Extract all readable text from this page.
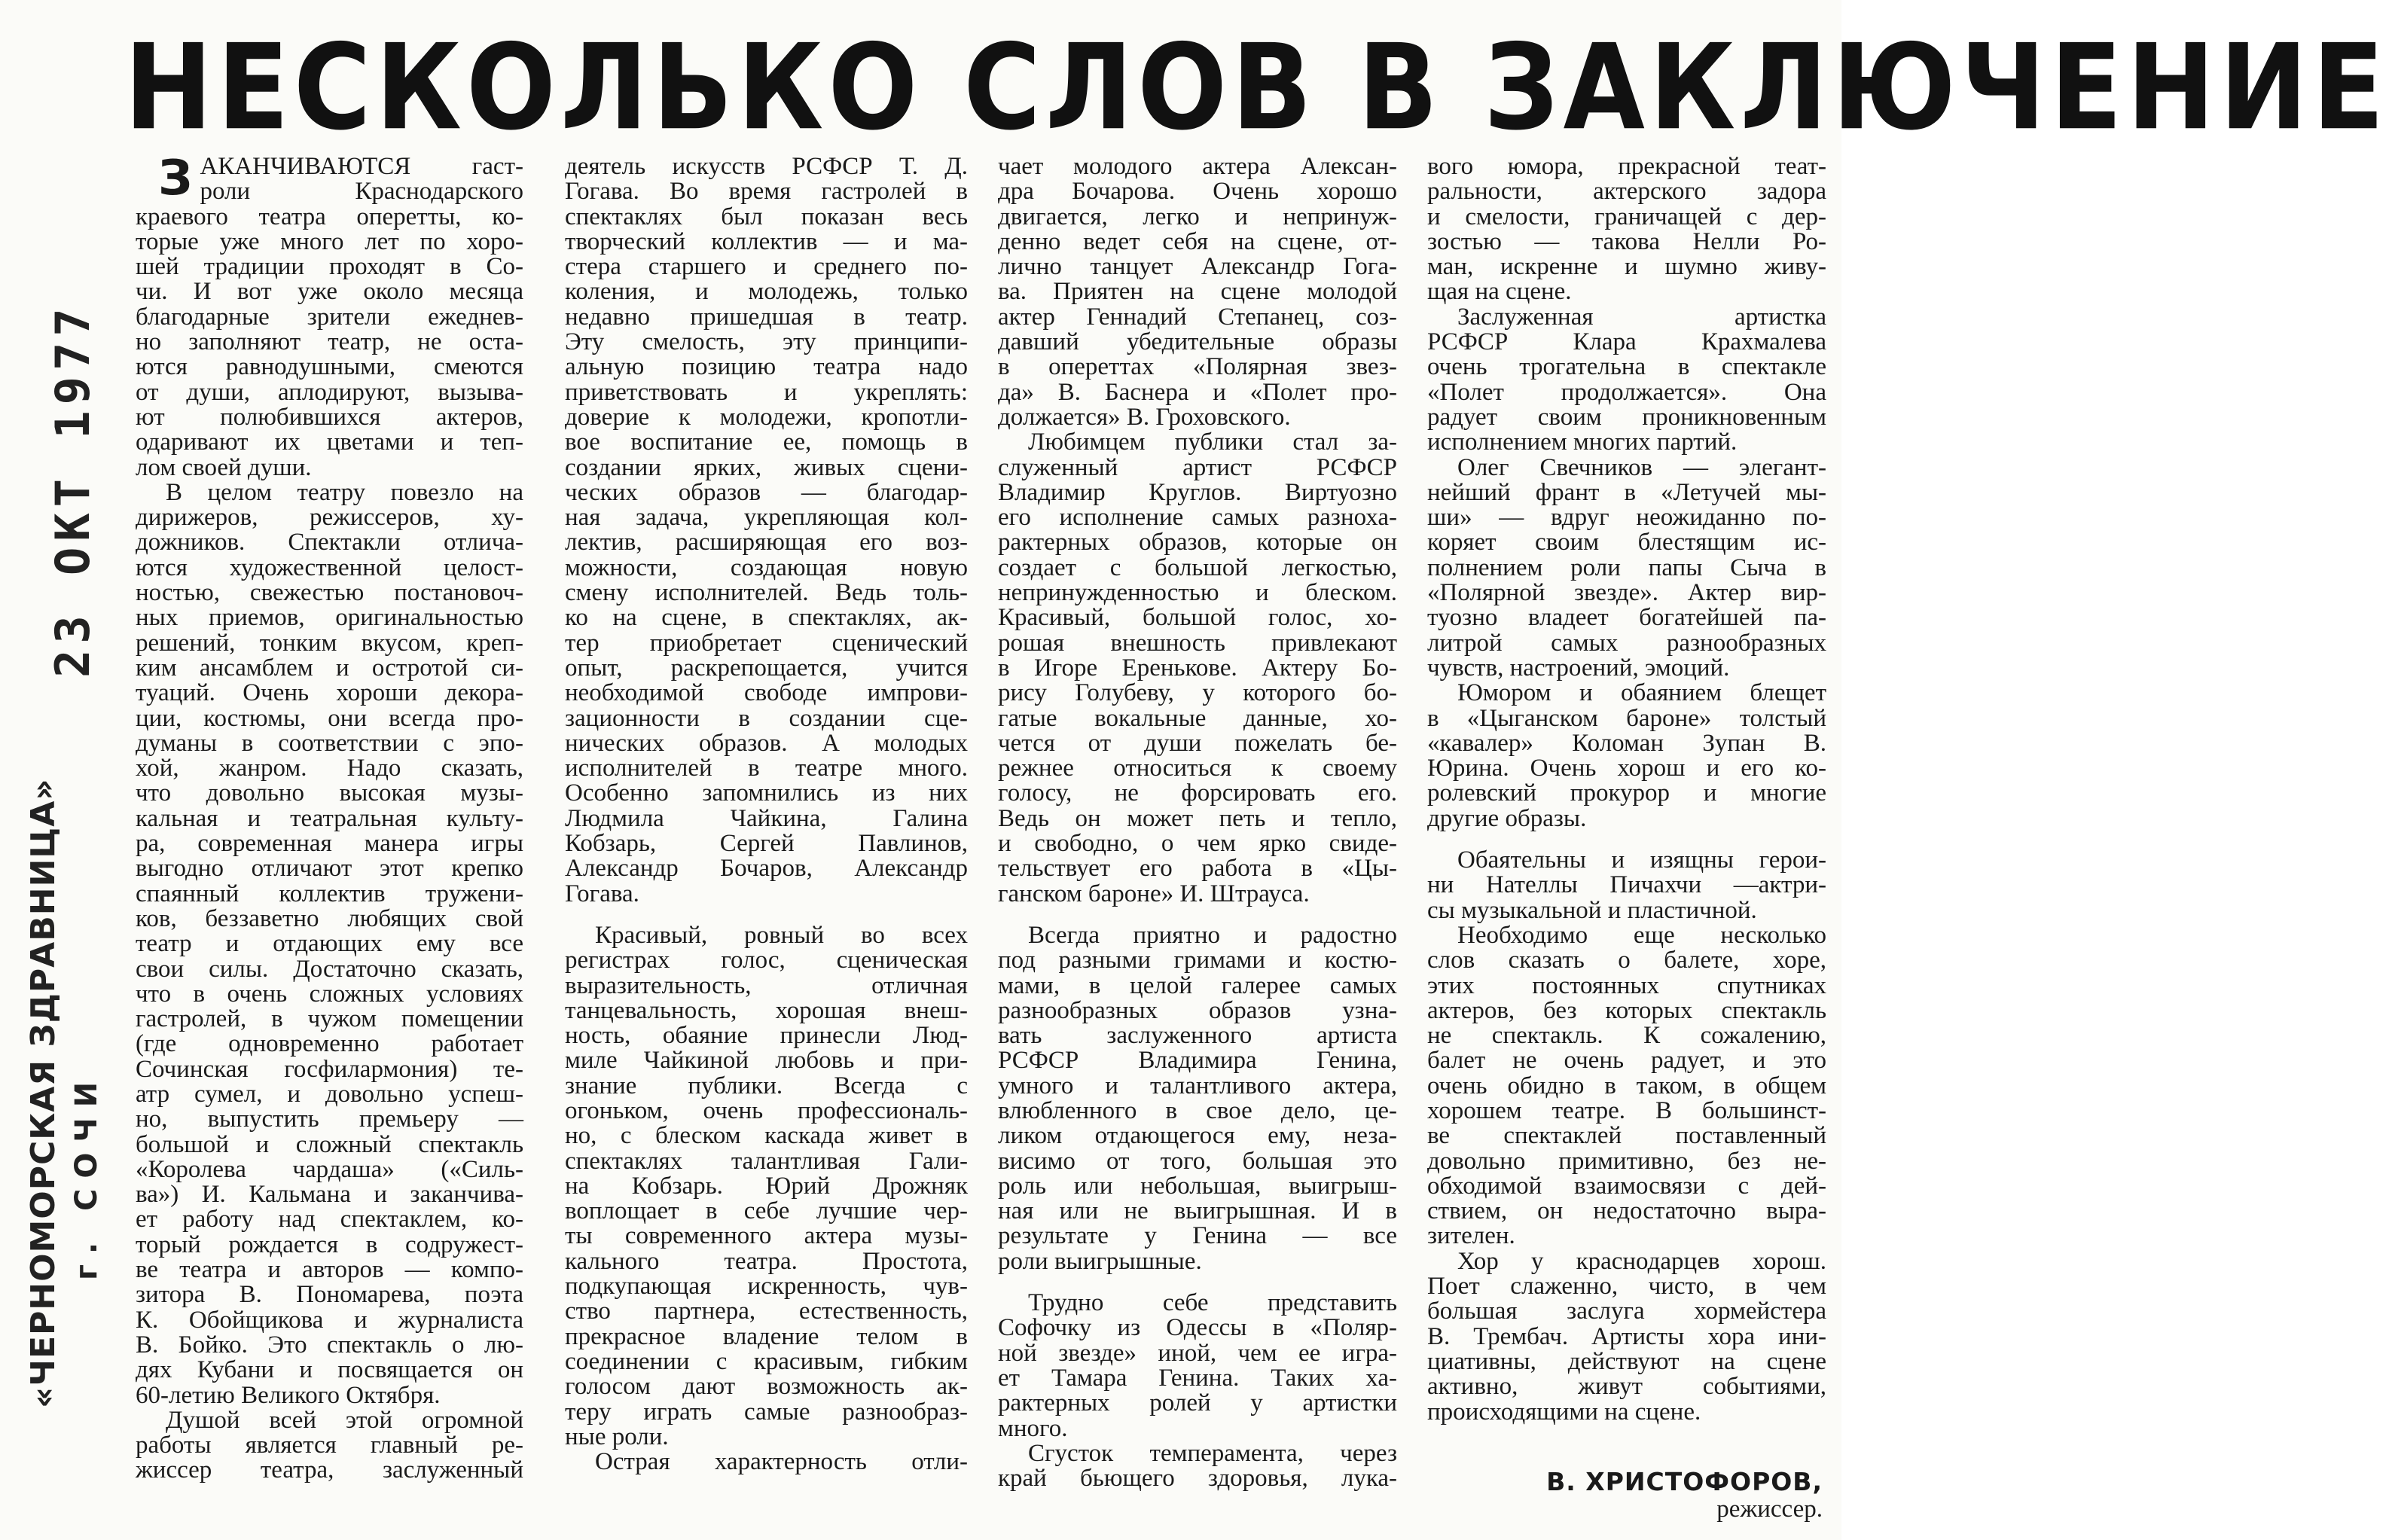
НЕСКОЛЬКО СЛОВ В ЗАКЛЮЧЕНИЕ
23 ОКТ 1977
«ЧЕРНОМОРСКАЯ ЗДРАВНИЦА» г. СОЧИ
З АКАНЧИВАЮТСЯ гаст-
роли Краснодарского
краевого театра оперетты, ко-
торые уже много лет по хоро-
шей традиции проходят в Со-
чи. И вот уже около месяца
благодарные зрители ежеднев-
но заполняют театр, не оста-
ются равнодушными, смеются
от души, аплодируют, вызыва-
ют полюбившихся актеров,
одаривают их цветами и теп-
лом своей души.
В целом театру повезло на
дирижеров, режиссеров, ху-
дожников. Спектакли отлича-
ются художественной целост-
ностью, свежестью постановоч-
ных приемов, оригинальностью
решений, тонким вкусом, креп-
ким ансамблем и остротой си-
туаций. Очень хороши декора-
ции, костюмы, они всегда про-
думаны в соответствии с эпо-
хой, жанром. Надо сказать,
что довольно высокая музы-
кальная и театральная культу-
ра, современная манера игры
выгодно отличают этот крепко
спаянный коллектив тружени-
ков, беззаветно любящих свой
театр и отдающих ему все
свои силы. Достаточно сказать,
что в очень сложных условиях
гастролей, в чужом помещении
(где одновременно работает
Сочинская госфилармония) те-
атр сумел, и довольно успеш-
но, выпустить премьеру —
большой и сложный спектакль
«Королева чардаша» («Силь-
ва») И. Кальмана и заканчива-
ет работу над спектаклем, ко-
торый рождается в содружест-
ве театра и авторов — компо-
зитора В. Пономарева, поэта
К. Обойщикова и журналиста
В. Бойко. Это спектакль о лю-
дях Кубани и посвящается он
60-летию Великого Октября.
Душой всей этой огромной
работы является главный ре-
жиссер театра, заслуженный
деятель искусств РСФСР Т. Д.
Гогава. Во время гастролей в
спектаклях был показан весь
творческий коллектив — и ма-
стера старшего и среднего по-
коления, и молодежь, только
недавно пришедшая в театр.
Эту смелость, эту принципи-
альную позицию театра надо
приветствовать и укреплять:
доверие к молодежи, кропотли-
вое воспитание ее, помощь в
создании ярких, живых сцени-
ческих образов — благодар-
ная задача, укрепляющая кол-
лектив, расширяющая его воз-
можности, создающая новую
смену исполнителей. Ведь толь-
ко на сцене, в спектаклях, ак-
тер приобретает сценический
опыт, раскрепощается, учится
необходимой свободе импрови-
зационности в создании сце-
нических образов. А молодых
исполнителей в театре много.
Особенно запомнились из них
Людмила Чайкина, Галина
Кобзарь, Сергей Павлинов,
Александр Бочаров, Александр
Гогава.
Красивый, ровный во всех
регистрах голос, сценическая
выразительность, отличная
танцевальность, хорошая внеш-
ность, обаяние принесли Люд-
миле Чайкиной любовь и при-
знание публики. Всегда с
огоньком, очень профессиональ-
но, с блеском каскада живет в
спектаклях талантливая Гали-
на Кобзарь. Юрий Дрожняк
воплощает в себе лучшие чер-
ты современного актера музы-
кального театра. Простота,
подкупающая искренность, чув-
ство партнера, естественность,
прекрасное владение телом в
соединении с красивым, гибким
голосом дают возможность ак-
теру играть самые разнообраз-
ные роли.
Острая характерность отли-
чает молодого актера Алексан-
дра Бочарова. Очень хорошо
двигается, легко и непринуж-
денно ведет себя на сцене, от-
лично танцует Александр Гога-
ва. Приятен на сцене молодой
актер Геннадий Степанец, соз-
давший убедительные образы
в опереттах «Полярная звез-
да» В. Баснера и «Полет про-
должается» В. Гроховского.
Любимцем публики стал за-
служенный артист РСФСР
Владимир Круглов. Виртуозно
его исполнение самых разноха-
рактерных образов, которые он
создает с большой легкостью,
непринужденностью и блеском.
Красивый, большой голос, хо-
рошая внешность привлекают
в Игоре Еренькове. Актеру Бо-
рису Голубеву, у которого бо-
гатые вокальные данные, хо-
чется от души пожелать бе-
режнее относиться к своему
голосу, не форсировать его.
Ведь он может петь и тепло,
и свободно, о чем ярко свиде-
тельствует его работа в «Цы-
ганском бароне» И. Штрауса.
Всегда приятно и радостно
под разными гримами и костю-
мами, в целой галерее самых
разнообразных образов узна-
вать заслуженного артиста
РСФСР Владимира Генина,
умного и талантливого актера,
влюбленного в свое дело, це-
ликом отдающегося ему, неза-
висимо от того, большая это
роль или небольшая, выигрыш-
ная или не выигрышная. И в
результате у Генина — все
роли выигрышные.
Трудно себе представить
Софочку из Одессы в «Поляр-
ной звезде» иной, чем ее игра-
ет Тамара Генина. Таких ха-
рактерных ролей у артистки
много.
Сгусток темперамента, через
край бьющего здоровья, лука-
вого юмора, прекрасной теат-
ральности, актерского задора
и смелости, граничащей с дер-
зостью — такова Нелли Ро-
ман, искренне и шумно живу-
щая на сцене.
Заслуженная артистка
РСФСР Клара Крахмалева
очень трогательна в спектакле
«Полет продолжается». Она
радует своим проникновенным
исполнением многих партий.
Олег Свечников — элегант-
нейший франт в «Летучей мы-
ши» — вдруг неожиданно по-
коряет своим блестящим ис-
полнением роли папы Сыча в
«Полярной звезде». Актер вир-
туозно владеет богатейшей па-
литрой самых разнообразных
чувств, настроений, эмоций.
Юмором и обаянием блещет
в «Цыганском бароне» толстый
«кавалер» Коломан Зупан В.
Юрина. Очень хорош и его ко-
ролевский прокурор и многие
другие образы.
Обаятельны и изящны герои-
ни Нателлы Пичахчи —актри-
сы музыкальной и пластичной.
Необходимо еще несколько
слов сказать о балете, хоре,
этих постоянных спутниках
актеров, без которых спектакль
не спектакль. К сожалению,
балет не очень радует, и это
очень обидно в таком, в общем
хорошем театре. В большинст-
ве спектаклей поставленный
довольно примитивно, без не-
обходимой взаимосвязи с дей-
ствием, он недостаточно выра-
зителен.
Хор у краснодарцев хорош.
Поет слаженно, чисто, в чем
большая заслуга хормейстера
В. Трембач. Артисты хора ини-
циативны, действуют на сцене
активно, живут событиями,
происходящими на сцене.
В. ХРИСТОФОРОВ,
режиссер.
